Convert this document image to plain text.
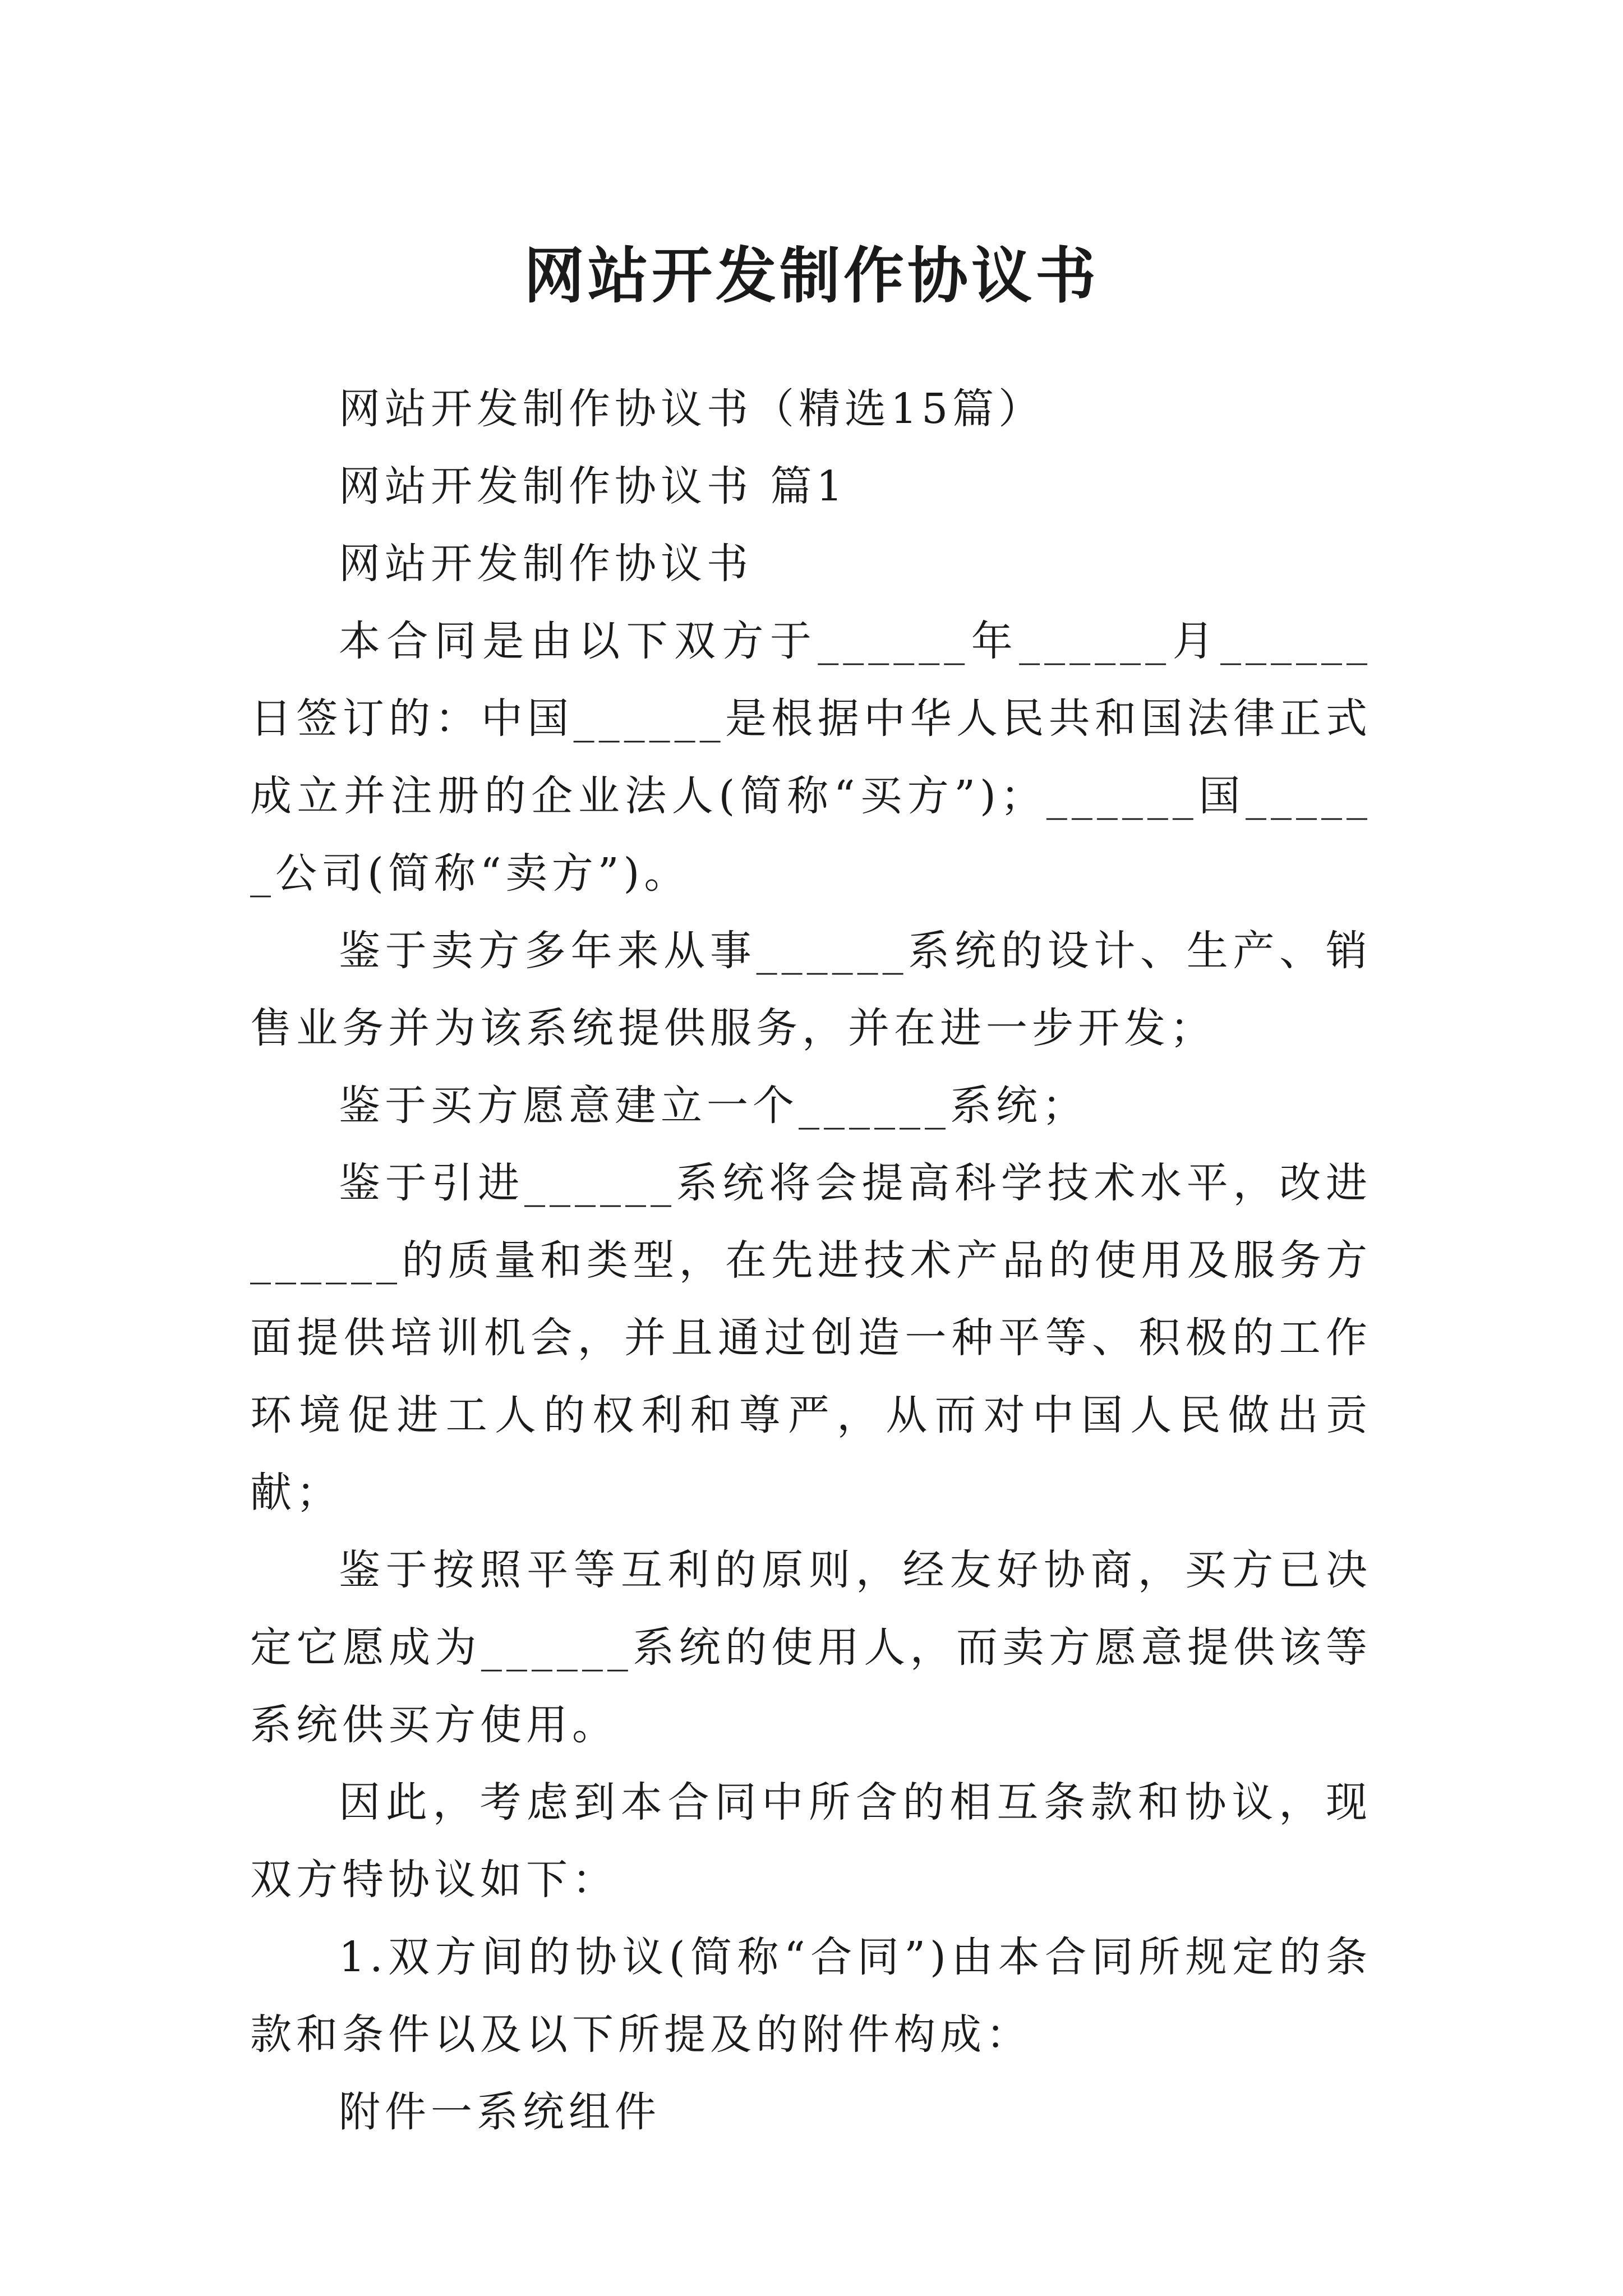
网站开发制作协议书

网站开发制作协议书（精选15篇）

网站开发制作协议书 篇1

网站开发制作协议书

本合同是由以下双方于______年______月______日签订的：中国______是根据中华人民共和国法律正式成立并注册的企业法人(简称“买方”)；______国______公司(简称“卖方”)。

鉴于卖方多年来从事______系统的设计、生产、销售业务并为该系统提供服务，并在进一步开发；

鉴于买方愿意建立一个______系统；

鉴于引进______系统将会提高科学技术水平，改进______的质量和类型，在先进技术产品的使用及服务方面提供培训机会，并且通过创造一种平等、积极的工作环境促进工人的权利和尊严，从而对中国人民做出贡献；

鉴于按照平等互利的原则，经友好协商，买方已决定它愿成为______系统的使用人，而卖方愿意提供该等系统供买方使用。

因此，考虑到本合同中所含的相互条款和协议，现双方特协议如下：

1.双方间的协议(简称“合同”)由本合同所规定的条款和条件以及以下所提及的附件构成：

附件一系统组件
